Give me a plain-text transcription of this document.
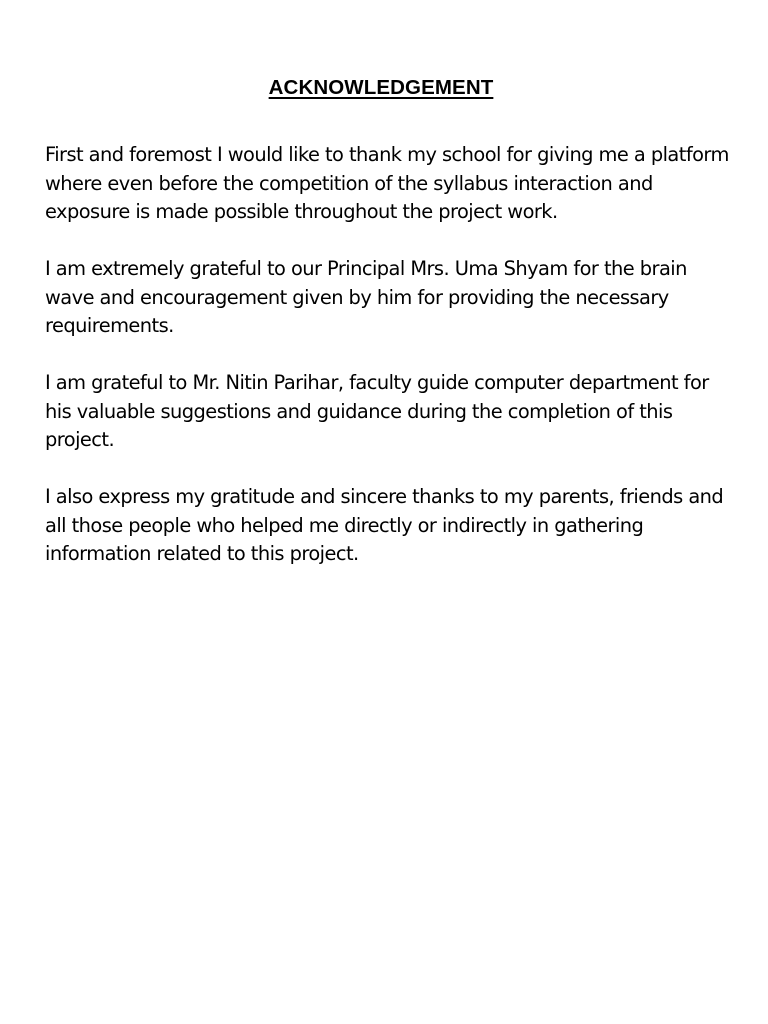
ACKNOWLEDGEMENT

First and foremost I would like to thank my school for giving me a platform where even before the competition of the syllabus interaction and exposure is made possible throughout the project work.

I am extremely grateful to our Principal Mrs. Uma Shyam for the brain wave and encouragement given by him for providing the necessary requirements.

I am grateful to Mr. Nitin Parihar, faculty guide computer department for his valuable suggestions and guidance during the completion of this project.

I also express my gratitude and sincere thanks to my parents, friends and all those people who helped me directly or indirectly in gathering information related to this project.
